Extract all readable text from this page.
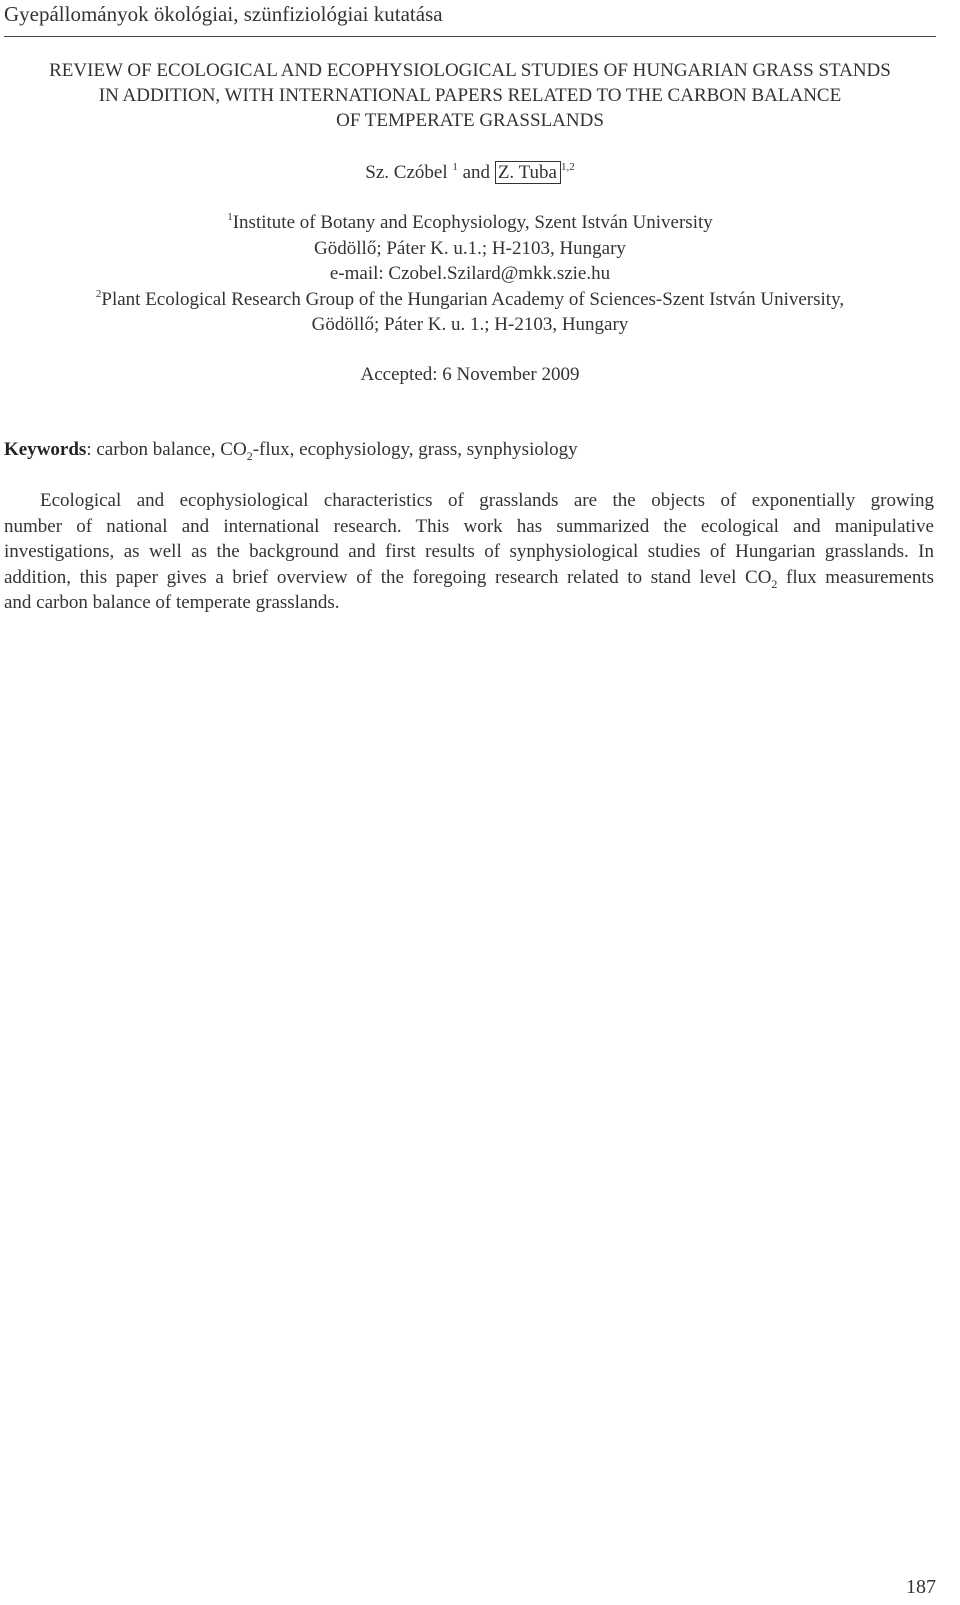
Gyepállományok ökológiai, szünfiziológiai kutatása
REVIEW OF ECOLOGICAL AND ECOPHYSIOLOGICAL STUDIES OF HUNGARIAN GRASS STANDS
IN ADDITION, WITH INTERNATIONAL PAPERS RELATED TO THE CARBON BALANCE
OF TEMPERATE GRASSLANDS
Sz. Czóbel $^1$ and Z. Tuba $^{1,2}$
$^1$Institute of Botany and Ecophysiology, Szent István University
Gödöllő; Páter K. u.1.; H-2103, Hungary
e-mail: Czobel.Szilard@mkk.szie.hu
$^2$Plant Ecological Research Group of the Hungarian Academy of Sciences-Szent István University,
Gödöllő; Páter K. u. 1.; H-2103, Hungary
Accepted: 6 November 2009
Keywords: carbon balance, $CO_2$-flux, ecophysiology, grass, synphysiology
Ecological and ecophysiological characteristics of grasslands are the objects of exponentially growing
number of national and international research. This work has summarized the ecological and manipulative
investigations, as well as the background and first results of synphysiological studies of Hungarian grasslands. In
addition, this paper gives a brief overview of the foregoing research related to stand level $CO_2$ flux measurements
and carbon balance of temperate grasslands.
187
